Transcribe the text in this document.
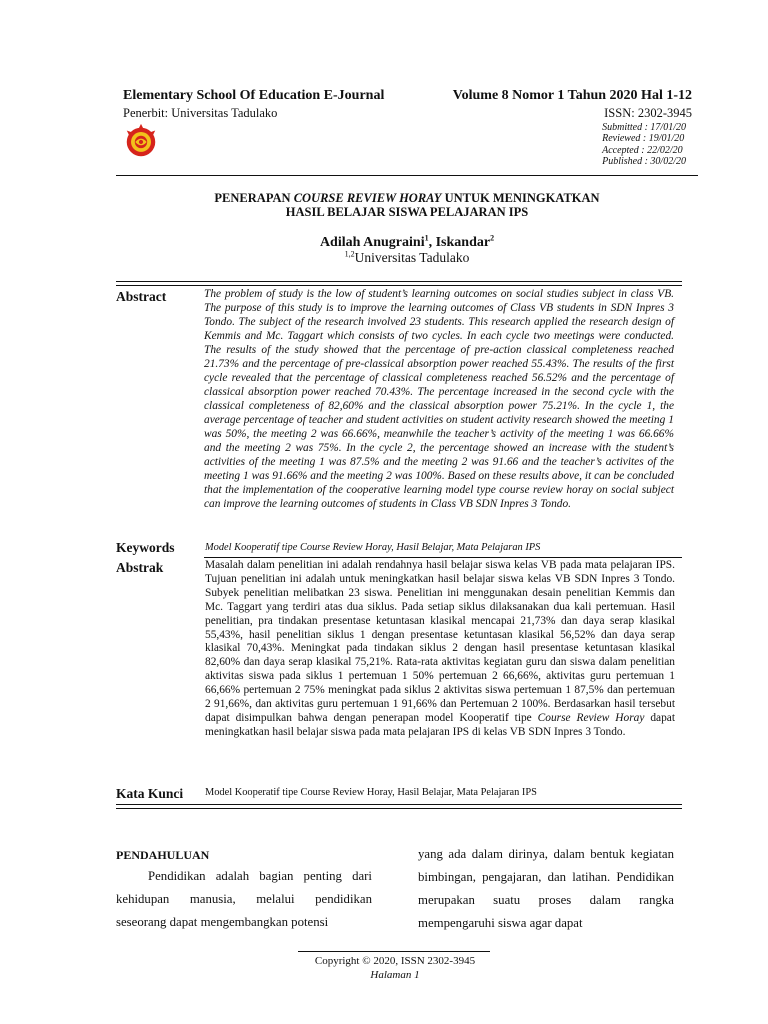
Elementary School Of Education E-Journal	Volume 8 Nomor 1 Tahun 2020 Hal 1-12
Penerbit: Universitas Tadulako	ISSN: 2302-3945
Submitted : 17/01/20
Reviewed : 19/01/20
Accepted : 22/02/20
Published : 30/02/20
PENERAPAN COURSE REVIEW HORAY UNTUK MENINGKATKAN
HASIL BELAJAR SISWA PELAJARAN IPS
Adilah Anugraini$^1$, Iskandar$^2$
$^{1,2}$Universitas Tadulako
Abstract	The problem of study is the low of student’s learning outcomes on social studies subject in class VB. The purpose of this study is to improve the learning outcomes of Class VB students in SDN Inpres 3 Tondo. The subject of the research involved 23 students. This research applied the research design of Kemmis and Mc. Taggart which consists of two cycles. In each cycle two meetings were conducted. The results of the study showed that the percentage of pre-action classical completeness reached 21.73% and the percentage of pre-classical absorption power reached 55.43%. The results of the first cycle revealed that the percentage of classical completeness reached 56.52% and the percentage of classical absorption power reached 70.43%. The percentage increased in the second cycle with the classical completeness of 82,60% and the classical absorption power 75.21%. In the cycle 1, the average percentage of teacher and student activities on student activity research showed the meeting 1 was 50%, the meeting 2 was 66.66%, meanwhile the teacher’s activity of the meeting 1 was 66.66% and the meeting 2 was 75%. In the cycle 2, the percentage showed an increase with the student’s activities of the meeting 1 was 87.5% and the meeting 2 was 91.66 and the teacher’s activites of the meeting 1 was 91.66% and the meeting 2 was 100%. Based on these results above, it can be concluded that the implementation of the cooperative learning model type course review horay on social subject can improve the learning outcomes of students in Class VB SDN Inpres 3 Tondo.
Keywords	Model Kooperatif tipe Course Review Horay, Hasil Belajar, Mata Pelajaran IPS
Abstrak	Masalah dalam penelitian ini adalah rendahnya hasil belajar siswa kelas VB pada mata pelajaran IPS. Tujuan penelitian ini adalah untuk meningkatkan hasil belajar siswa kelas VB SDN Inpres 3 Tondo. Subyek penelitian melibatkan 23 siswa. Penelitian ini menggunakan desain penelitian Kemmis dan Mc. Taggart yang terdiri atas dua siklus. Pada setiap siklus dilaksanakan dua kali pertemuan. Hasil penelitian, pra tindakan presentase ketuntasan klasikal mencapai 21,73% dan daya serap klasikal 55,43%, hasil penelitian siklus 1 dengan presentase ketuntasan klasikal 56,52% dan daya serap klasikal 70,43%. Meningkat pada tindakan siklus 2 dengan hasil presentase ketuntasan klasikal 82,60% dan daya serap klasikal 75,21%. Rata-rata aktivitas kegiatan guru dan siswa dalam penelitian aktivitas siswa pada siklus 1 pertemuan 1 50% pertemuan 2 66,66%, aktivitas guru pertemuan 1 66,66% pertemuan 2 75% meningkat pada siklus 2 aktivitas siswa pertemuan 1 87,5% dan pertemuan 2 91,66%, dan aktivitas guru pertemuan 1 91,66% dan Pertemuan 2 100%. Berdasarkan hasil tersebut dapat disimpulkan bahwa dengan penerapan model Kooperatif tipe Course Review Horay dapat meningkatkan hasil belajar siswa pada mata pelajaran IPS di kelas VB SDN Inpres 3 Tondo.
Kata Kunci Model Kooperatif tipe Course Review Horay, Hasil Belajar, Mata Pelajaran IPS
PENDAHULUAN
Pendidikan adalah bagian penting dari kehidupan manusia, melalui pendidikan seseorang dapat mengembangkan potensi
yang ada dalam dirinya, dalam bentuk kegiatan bimbingan, pengajaran, dan latihan. Pendidikan merupakan suatu proses dalam rangka mempengaruhi siswa agar dapat
Copyright © 2020, ISSN 2302-3945
Halaman 1
